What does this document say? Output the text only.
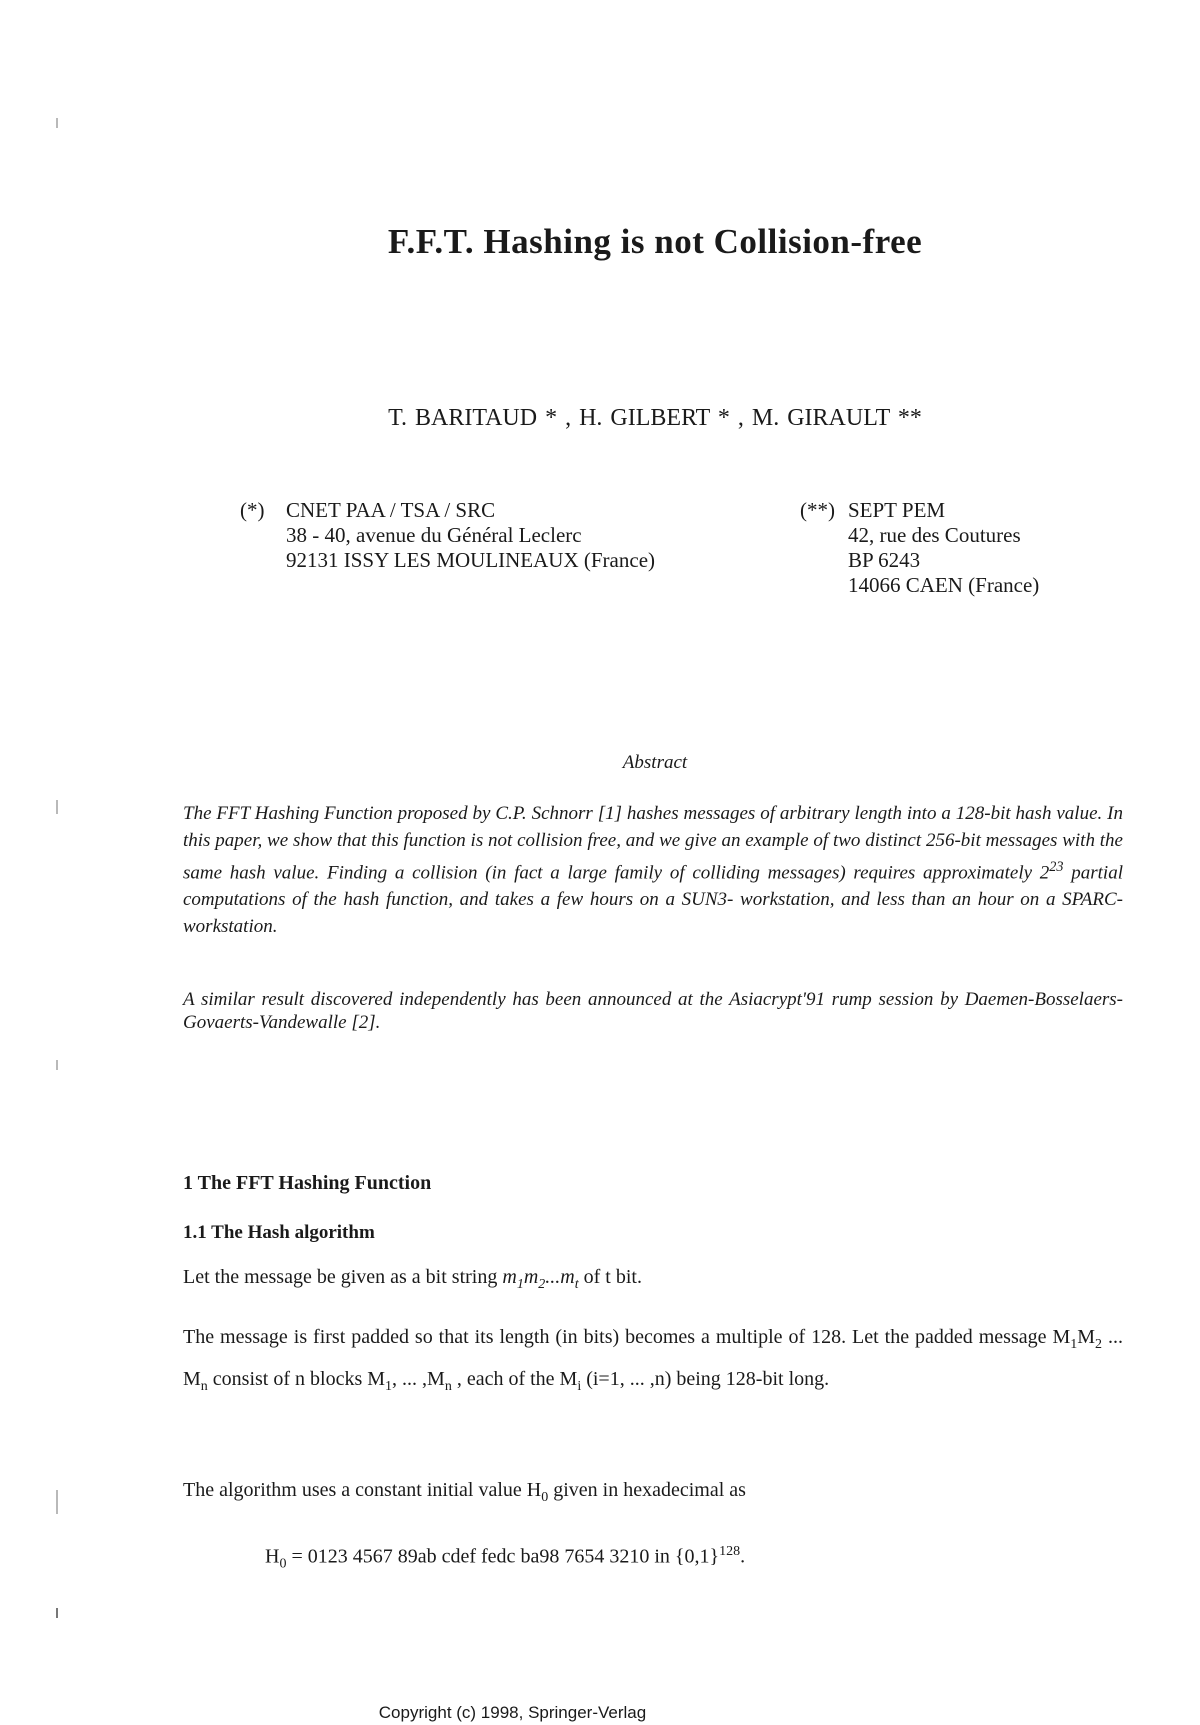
F.F.T. Hashing is not Collision-free
T. BARITAUD * , H. GILBERT * , M. GIRAULT **
(*) CNET PAA / TSA / SRC
38 - 40, avenue du Général Leclerc
92131 ISSY LES MOULINEAUX (France)
(**) SEPT PEM
42, rue des Coutures
BP 6243
14066 CAEN (France)
Abstract
The FFT Hashing Function proposed by C.P. Schnorr [1] hashes messages of arbitrary length into a 128-bit hash value. In this paper, we show that this function is not collision free, and we give an example of two distinct 256-bit messages with the same hash value. Finding a collision (in fact a large family of colliding messages) requires approximately $2^{23}$ partial computations of the hash function, and takes a few hours on a SUN3- workstation, and less than an hour on a SPARC-workstation.
A similar result discovered independently has been announced at the Asiacrypt'91 rump session by Daemen-Bosselaers-Govaerts-Vandewalle [2].
1 The FFT Hashing Function
1.1 The Hash algorithm
Let the message be given as a bit string $m_1m_2...m_t$ of t bit.
The message is first padded so that its length (in bits) becomes a multiple of 128. Let the padded message $M_1M_2$ ... $M_n$ consist of n blocks $M_1$, ... $,M_n$ , each of the $M_i$ (i=1, ... ,n) being 128-bit long.
The algorithm uses a constant initial value $H_0$ given in hexadecimal as
$H_0 = 0123$ 4567 89ab cdef fedc ba98 7654 3210 in $\{0,1\}^{128}$.
Copyright (c) 1998, Springer-Verlag
